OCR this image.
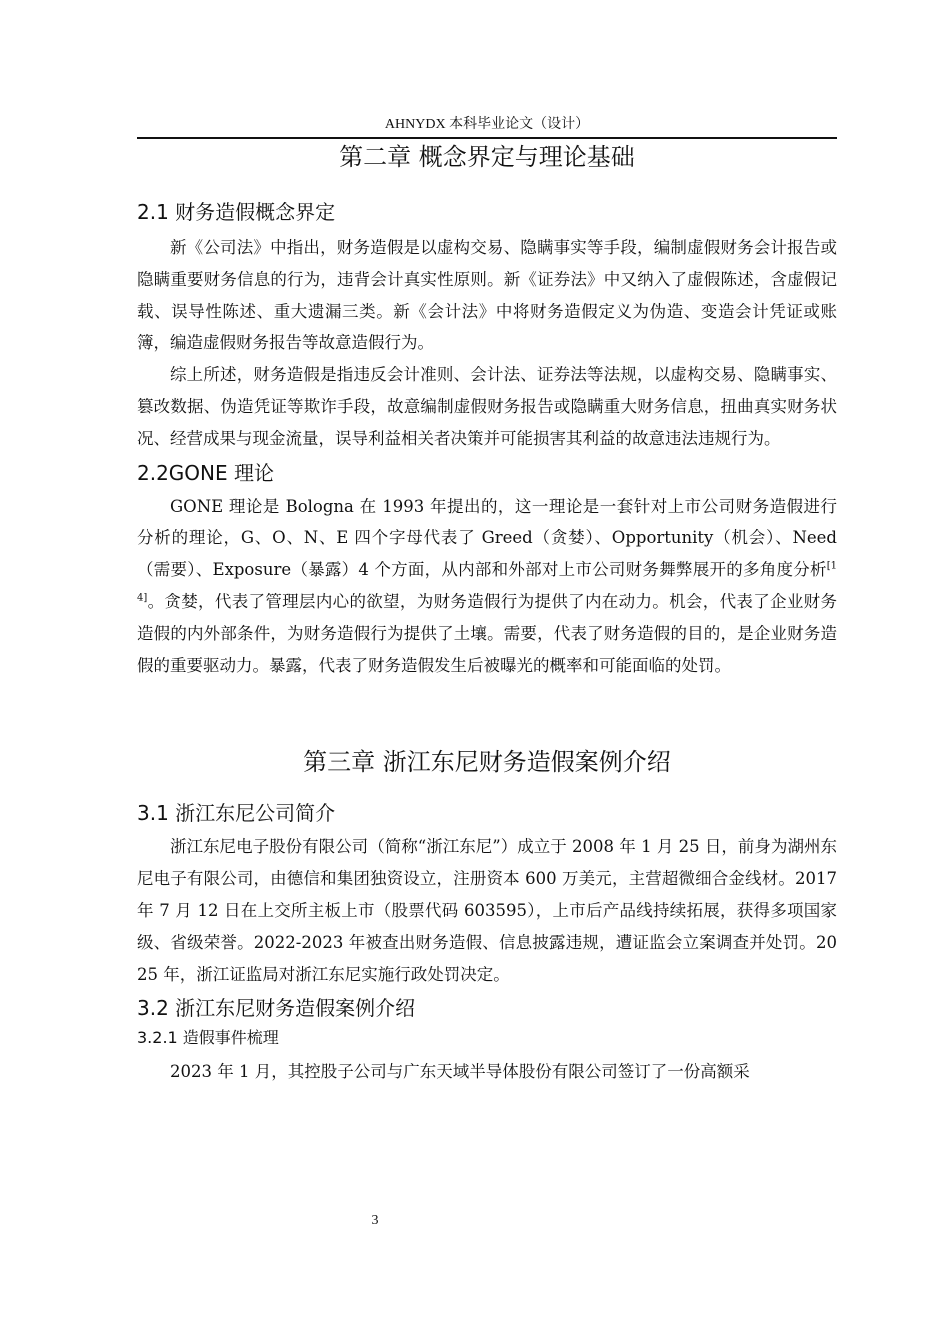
AHNYDX 本科毕业论文（设计）
第二章 概念界定与理论基础
2.1 财务造假概念界定

新《公司法》中指出，财务造假是以虚构交易、隐瞒事实等手段，编制虚假财务会计报告或隐瞒重要财务信息的行为，违背会计真实性原则。新《证券法》中又纳入了虚假陈述，含虚假记载、误导性陈述、重大遗漏三类。新《会计法》中将财务造假定义为伪造、变造会计凭证或账簿，编造虚假财务报告等故意造假行为。

综上所述，财务造假是指违反会计准则、会计法、证券法等法规，以虚构交易、隐瞒事实、篡改数据、伪造凭证等欺诈手段，故意编制虚假财务报告或隐瞒重大财务信息，扭曲真实财务状况、经营成果与现金流量，误导利益相关者决策并可能损害其利益的故意违法违规行为。

2.2GONE 理论

GONE 理论是 Bologna 在 1993 年提出的，这一理论是一套针对上市公司财务造假进行分析的理论，G、O、N、E 四个字母代表了 Greed（贪婪）、Opportunity（机会）、Need（需要）、Exposure（暴露）4 个方面，从内部和外部对上市公司财务舞弊展开的多角度分析[14]。贪婪，代表了管理层内心的欲望，为财务造假行为提供了内在动力。机会，代表了企业财务造假的内外部条件，为财务造假行为提供了土壤。需要，代表了财务造假的目的，是企业财务造假的重要驱动力。暴露，代表了财务造假发生后被曝光的概率和可能面临的处罚。

第三章 浙江东尼财务造假案例介绍
3.1 浙江东尼公司简介

浙江东尼电子股份有限公司（简称“浙江东尼”）成立于 2008 年 1 月 25 日，前身为湖州东尼电子有限公司，由德信和集团独资设立，注册资本 600 万美元，主营超微细合金线材。2017 年 7 月 12 日在上交所主板上市（股票代码 603595），上市后产品线持续拓展，获得多项国家级、省级荣誉。2022-2023 年被查出财务造假、信息披露违规，遭证监会立案调查并处罚。2025 年，浙江证监局对浙江东尼实施行政处罚决定。

3.2 浙江东尼财务造假案例介绍
3.2.1 造假事件梳理

2023 年 1 月，其控股子公司与广东天域半导体股份有限公司签订了一份高额采

3
